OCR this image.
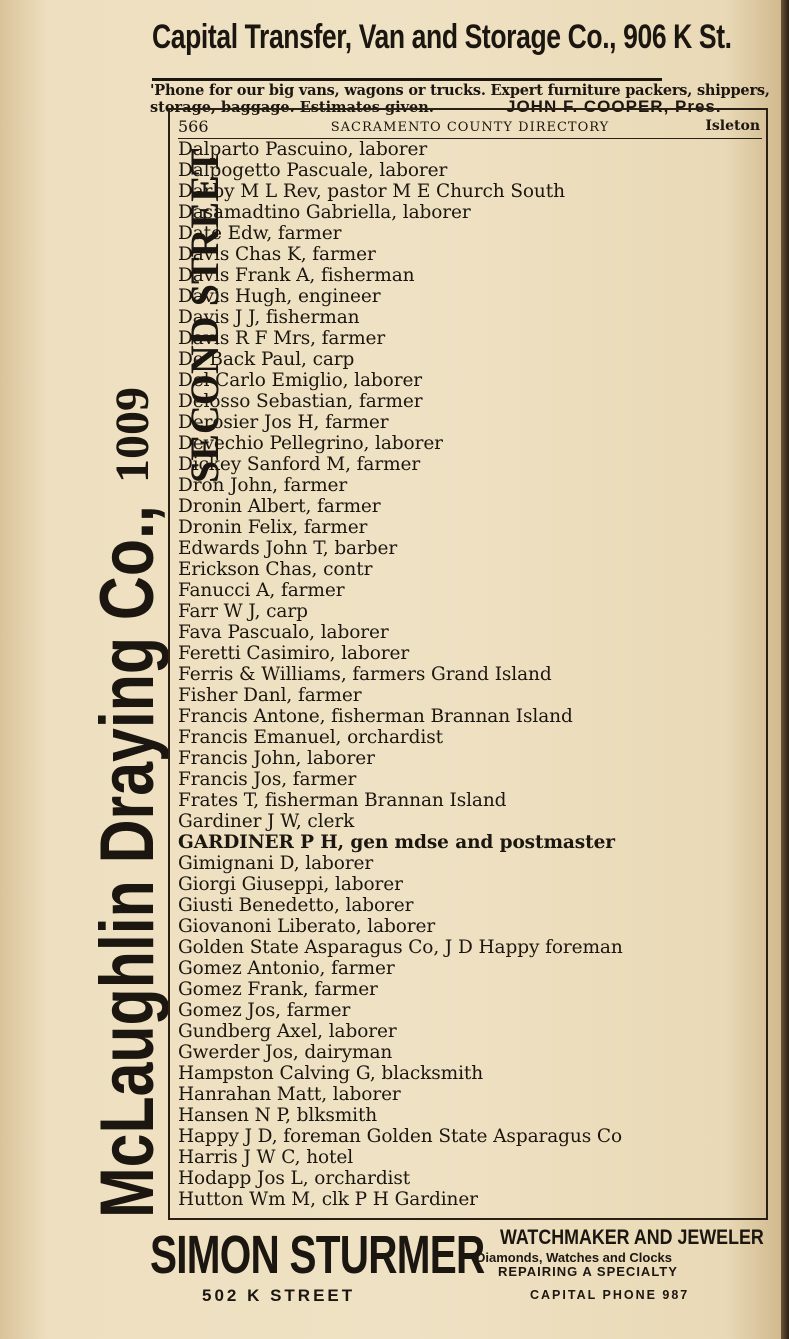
Capital Transfer, Van and Storage Co., 906 K St.
'Phone for our big vans, wagons or trucks. Expert furniture packers, shippers,
storage, baggage. Estimates given.	JOHN F. COOPER, Pres.
McLaughlin Draying Co.,
1009 SECOND STREET
566	SACRAMENTO COUNTY DIRECTORY	Isleton
Dalparto Pascuino, laborer
Dalpogetto Pascuale, laborer
Darby M L Rev, pastor M E Church South
Dasamadtino Gabriella, laborer
Date Edw, farmer
Davis Chas K, farmer
Davis Frank A, fisherman
Davis Hugh, engineer
Davis J J, fisherman
Davis R F Mrs, farmer
De Back Paul, carp
Del Carlo Emiglio, laborer
Delosso Sebastian, farmer
Derosier Jos H, farmer
Devechio Pellegrino, laborer
Dickey Sanford M, farmer
Dron John, farmer
Dronin Albert, farmer
Dronin Felix, farmer
Edwards John T, barber
Erickson Chas, contr
Fanucci A, farmer
Farr W J, carp
Fava Pascualo, laborer
Feretti Casimiro, laborer
Ferris & Williams, farmers Grand Island
Fisher Danl, farmer
Francis Antone, fisherman Brannan Island
Francis Emanuel, orchardist
Francis John, laborer
Francis Jos, farmer
Frates T, fisherman Brannan Island
Gardiner J W, clerk
GARDINER P H, gen mdse and postmaster
Gimignani D, laborer
Giorgi Giuseppi, laborer
Giusti Benedetto, laborer
Giovanoni Liberato, laborer
Golden State Asparagus Co, J D Happy foreman
Gomez Antonio, farmer
Gomez Frank, farmer
Gomez Jos, farmer
Gundberg Axel, laborer
Gwerder Jos, dairyman
Hampston Calving G, blacksmith
Hanrahan Matt, laborer
Hansen N P, blksmith
Happy J D, foreman Golden State Asparagus Co
Harris J W C, hotel
Hodapp Jos L, orchardist
Hutton Wm M, clk P H Gardiner
SIMON STURMER WATCHMAKER AND JEWELER
Diamonds, Watches and Clocks
REPAIRING A SPECIALTY
502 K STREET	CAPITAL PHONE 987
